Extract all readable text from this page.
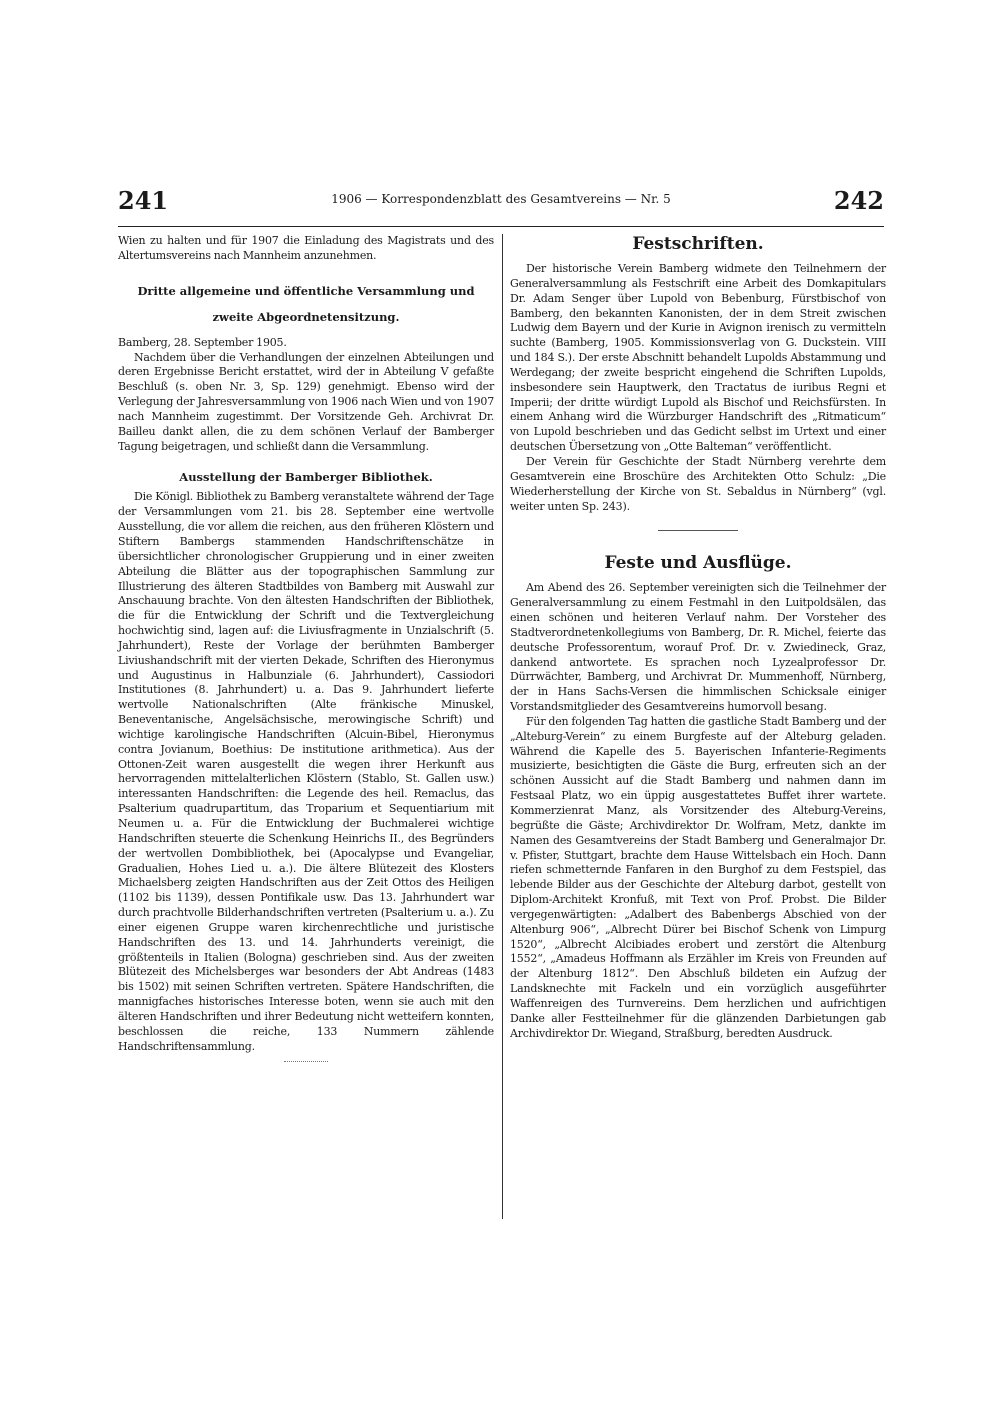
241	1906 — Korrespondenzblatt des Gesamtvereins — Nr. 5	242

Wien zu halten und für 1907 die Einladung des Magistrats und des Altertumsvereins nach Mannheim anzunehmen.

Dritte allgemeine und öffentliche Versammlung und zweite Abgeordnetensitzung.

Bamberg, 28. September 1905.

Nachdem über die Verhandlungen der einzelnen Abteilungen und deren Ergebnisse Bericht erstattet, wird der in Abteilung V gefaßte Beschluß (s. oben Nr. 3, Sp. 129) genehmigt. Ebenso wird der Verlegung der Jahresversammlung von 1906 nach Wien und von 1907 nach Mannheim zugestimmt. Der Vorsitzende Geh. Archivrat Dr. Bailleu dankt allen, die zu dem schönen Verlauf der Bamberger Tagung beigetragen, und schließt dann die Versammlung.

Ausstellung der Bamberger Bibliothek.

Die Königl. Bibliothek zu Bamberg veranstaltete während der Tage der Versammlungen vom 21. bis 28. September eine wertvolle Ausstellung, die vor allem die reichen, aus den früheren Klöstern und Stiftern Bambergs stammenden Handschriftenschätze in übersichtlicher chronologischer Gruppierung und in einer zweiten Abteilung die Blätter aus der topographischen Sammlung zur Illustrierung des älteren Stadtbildes von Bamberg mit Auswahl zur Anschauung brachte. Von den ältesten Handschriften der Bibliothek, die für die Entwicklung der Schrift und die Textvergleichung hochwichtig sind, lagen auf: die Liviusfragmente in Unzialschrift (5. Jahrhundert), Reste der Vorlage der berühmten Bamberger Liviushandschrift mit der vierten Dekade, Schriften des Hieronymus und Augustinus in Halbunziale (6. Jahrhundert), Cassiodori Institutiones (8. Jahrhundert) u. a. Das 9. Jahrhundert lieferte wertvolle Nationalschriften (Alte fränkische Minuskel, Beneventanische, Angelsächsische, merowingische Schrift) und wichtige karolingische Handschriften (Alcuin-Bibel, Hieronymus contra Jovianum, Boethius: De institutione arithmetica). Aus der Ottonen-Zeit waren ausgestellt die wegen ihrer Herkunft aus hervorragenden mittelalterlichen Klöstern (Stablo, St. Gallen usw.) interessanten Handschriften: die Legende des heil. Remaclus, das Psalterium quadrupartitum, das Troparium et Sequentiarium mit Neumen u. a. Für die Entwicklung der Buchmalerei wichtige Handschriften steuerte die Schenkung Heinrichs II., des Begründers der wertvollen Dombibliothek, bei (Apocalypse und Evangeliar, Gradualien, Hohes Lied u. a.). Die ältere Blütezeit des Klosters Michaelsberg zeigten Handschriften aus der Zeit Ottos des Heiligen (1102 bis 1139), dessen Pontifikale usw. Das 13. Jahrhundert war durch prachtvolle Bilderhandschriften vertreten (Psalterium u. a.). Zu einer eigenen Gruppe waren kirchenrechtliche und juristische Handschriften des 13. und 14. Jahrhunderts vereinigt, die größtenteils in Italien (Bologna) geschrieben sind. Aus der zweiten Blütezeit des Michelsberges war besonders der Abt Andreas (1483 bis 1502) mit seinen Schriften vertreten. Spätere Handschriften, die mannigfaches historisches Interesse boten, wenn sie auch mit den älteren Handschriften und ihrer Bedeutung nicht wetteifern konnten, beschlossen die reiche, 133 Nummern zählende Handschriftensammlung.

Festschriften.

Der historische Verein Bamberg widmete den Teilnehmern der Generalversammlung als Festschrift eine Arbeit des Domkapitulars Dr. Adam Senger über Lupold von Bebenburg, Fürstbischof von Bamberg, den bekannten Kanonisten, der in dem Streit zwischen Ludwig dem Bayern und der Kurie in Avignon irenisch zu vermitteln suchte (Bamberg, 1905. Kommissionsverlag von G. Duckstein. VIII und 184 S.). Der erste Abschnitt behandelt Lupolds Abstammung und Werdegang; der zweite bespricht eingehend die Schriften Lupolds, insbesondere sein Hauptwerk, den Tractatus de iuribus Regni et Imperii; der dritte würdigt Lupold als Bischof und Reichsfürsten. In einem Anhang wird die Würzburger Handschrift des „Ritmaticum“ von Lupold beschrieben und das Gedicht selbst im Urtext und einer deutschen Übersetzung von „Otte Balteman“ veröffentlicht.

Der Verein für Geschichte der Stadt Nürnberg verehrte dem Gesamtverein eine Broschüre des Architekten Otto Schulz: „Die Wiederherstellung der Kirche von St. Sebaldus in Nürnberg“ (vgl. weiter unten Sp. 243).

Feste und Ausflüge.

Am Abend des 26. September vereinigten sich die Teilnehmer der Generalversammlung zu einem Festmahl in den Luitpoldsälen, das einen schönen und heiteren Verlauf nahm. Der Vorsteher des Stadtverordnetenkollegiums von Bamberg, Dr. R. Michel, feierte das deutsche Professorentum, worauf Prof. Dr. v. Zwiedineck, Graz, dankend antwortete. Es sprachen noch Lyzealprofessor Dr. Dürrwächter, Bamberg, und Archivrat Dr. Mummenhoff, Nürnberg, der in Hans Sachs-Versen die himmlischen Schicksale einiger Vorstandsmitglieder des Gesamtvereins humorvoll besang.

Für den folgenden Tag hatten die gastliche Stadt Bamberg und der „Alteburg-Verein“ zu einem Burgfeste auf der Alteburg geladen. Während die Kapelle des 5. Bayerischen Infanterie-Regiments musizierte, besichtigten die Gäste die Burg, erfreuten sich an der schönen Aussicht auf die Stadt Bamberg und nahmen dann im Festsaal Platz, wo ein üppig ausgestattetes Buffet ihrer wartete. Kommerzienrat Manz, als Vorsitzender des Alteburg-Vereins, begrüßte die Gäste; Archivdirektor Dr. Wolfram, Metz, dankte im Namen des Gesamtvereins der Stadt Bamberg und Generalmajor Dr. v. Pfister, Stuttgart, brachte dem Hause Wittelsbach ein Hoch. Dann riefen schmetternde Fanfaren in den Burghof zu dem Festspiel, das lebende Bilder aus der Geschichte der Alteburg darbot, gestellt von Diplom-Architekt Kronfuß, mit Text von Prof. Probst. Die Bilder vergegenwärtigten: „Adalbert des Babenbergs Abschied von der Altenburg 906“, „Albrecht Dürer bei Bischof Schenk von Limpurg 1520“, „Albrecht Alcibiades erobert und zerstört die Altenburg 1552“, „Amadeus Hoffmann als Erzähler im Kreis von Freunden auf der Altenburg 1812“. Den Abschluß bildeten ein Aufzug der Landsknechte mit Fackeln und ein vorzüglich ausgeführter Waffenreigen des Turnvereins. Dem herzlichen und aufrichtigen Danke aller Festteilnehmer für die glänzenden Darbietungen gab Archivdirektor Dr. Wiegand, Straßburg, beredten Ausdruck.
